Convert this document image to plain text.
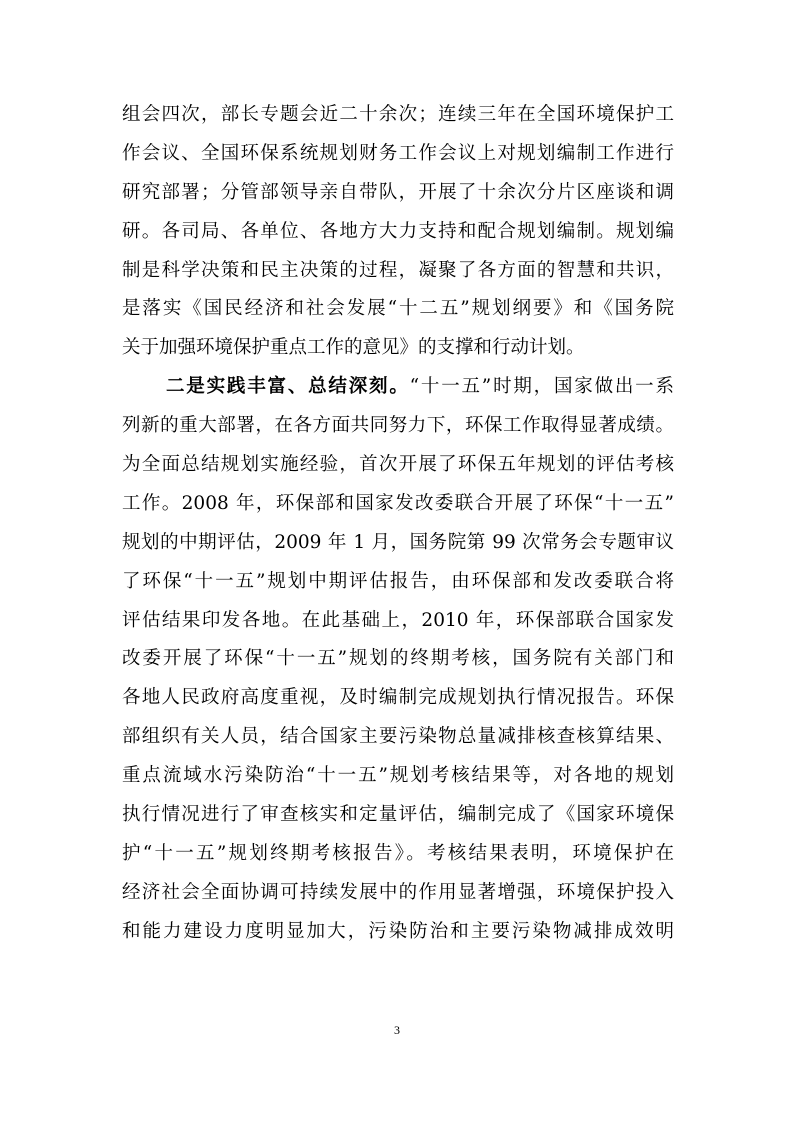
组会四次，部长专题会近二十余次；连续三年在全国环境保护工
作会议、全国环保系统规划财务工作会议上对规划编制工作进行
研究部署；分管部领导亲自带队，开展了十余次分片区座谈和调
研。各司局、各单位、各地方大力支持和配合规划编制。规划编
制是科学决策和民主决策的过程，凝聚了各方面的智慧和共识，
是落实《国民经济和社会发展“十二五”规划纲要》和《国务院
关于加强环境保护重点工作的意见》的支撑和行动计划。
二是实践丰富、总结深刻。“十一五”时期，国家做出一系
列新的重大部署，在各方面共同努力下，环保工作取得显著成绩。
为全面总结规划实施经验，首次开展了环保五年规划的评估考核
工作。2008 年，环保部和国家发改委联合开展了环保“十一五”
规划的中期评估，2009 年 1 月，国务院第 99 次常务会专题审议
了环保“十一五”规划中期评估报告，由环保部和发改委联合将
评估结果印发各地。在此基础上，2010 年，环保部联合国家发
改委开展了环保“十一五”规划的终期考核，国务院有关部门和
各地人民政府高度重视，及时编制完成规划执行情况报告。环保
部组织有关人员，结合国家主要污染物总量减排核查核算结果、
重点流域水污染防治“十一五”规划考核结果等，对各地的规划
执行情况进行了审查核实和定量评估，编制完成了《国家环境保
护“十一五”规划终期考核报告》。考核结果表明，环境保护在
经济社会全面协调可持续发展中的作用显著增强，环境保护投入
和能力建设力度明显加大，污染防治和主要污染物减排成效明
3
